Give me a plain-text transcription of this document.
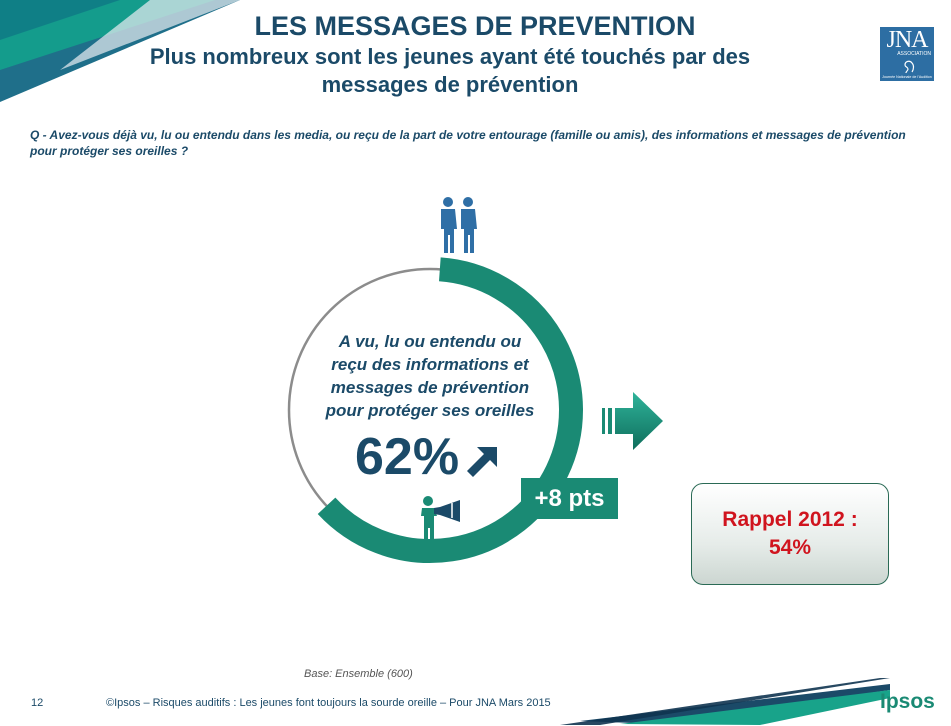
LES MESSAGES DE PREVENTION
Plus nombreux sont les jeunes ayant été touchés par des
messages de prévention
JNA
ASSOCIATION
Journée Nationale de l'Audition
Q - Avez-vous déjà vu, lu ou entendu dans les media, ou reçu de la part de votre entourage (famille ou amis), des informations et messages de prévention pour protéger ses oreilles ?
A vu, lu ou entendu ou
reçu des informations et
messages de prévention
pour protéger ses oreilles
62%
+8 pts
Rappel 2012 :
54%
Base: Ensemble (600)
12	©Ipsos – Risques auditifs : Les jeunes font toujours la sourde oreille – Pour JNA Mars 2015	Ipsos
